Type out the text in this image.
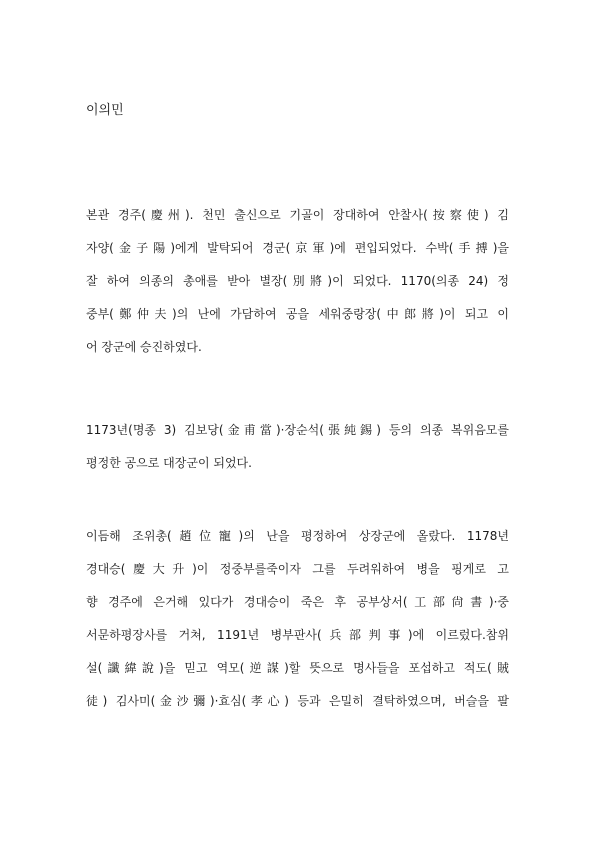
이의민
본관 경주(慶州). 천민 출신으로 기골이 장대하여 안찰사(按察使) 김
자양(金子陽)에게 발탁되어 경군(京軍)에 편입되었다. 수박(手搏)을
잘 하여 의종의 총애를 받아 별장(別將)이 되었다. 1170(의종 24) 정
중부(鄭仲夫)의 난에 가담하여 공을 세워중랑장(中郎將)이 되고 이
어 장군에 승진하였다.
1173년(명종 3) 김보당(金甫當)·장순석(張純錫) 등의 의종 복위음모를
평정한 공으로 대장군이 되었다.
이듬해 조위총(趙位寵)의 난을 평정하여 상장군에 올랐다. 1178년
경대승(慶大升)이 정중부를죽이자 그를 두려워하여 병을 핑게로 고
향 경주에 은거해 있다가 경대승이 죽은 후 공부상서(工部尙書)·중
서문하평장사를 거쳐, 1191년 병부판사(兵部判事)에 이르렀다.참위
설(讖緯說)을 믿고 역모(逆謀)할 뜻으로 명사들을 포섭하고 적도(賊
徒) 김사미(金沙彌)·효심(孝心) 등과 은밀히 결탁하였으며, 버슬을 팔
